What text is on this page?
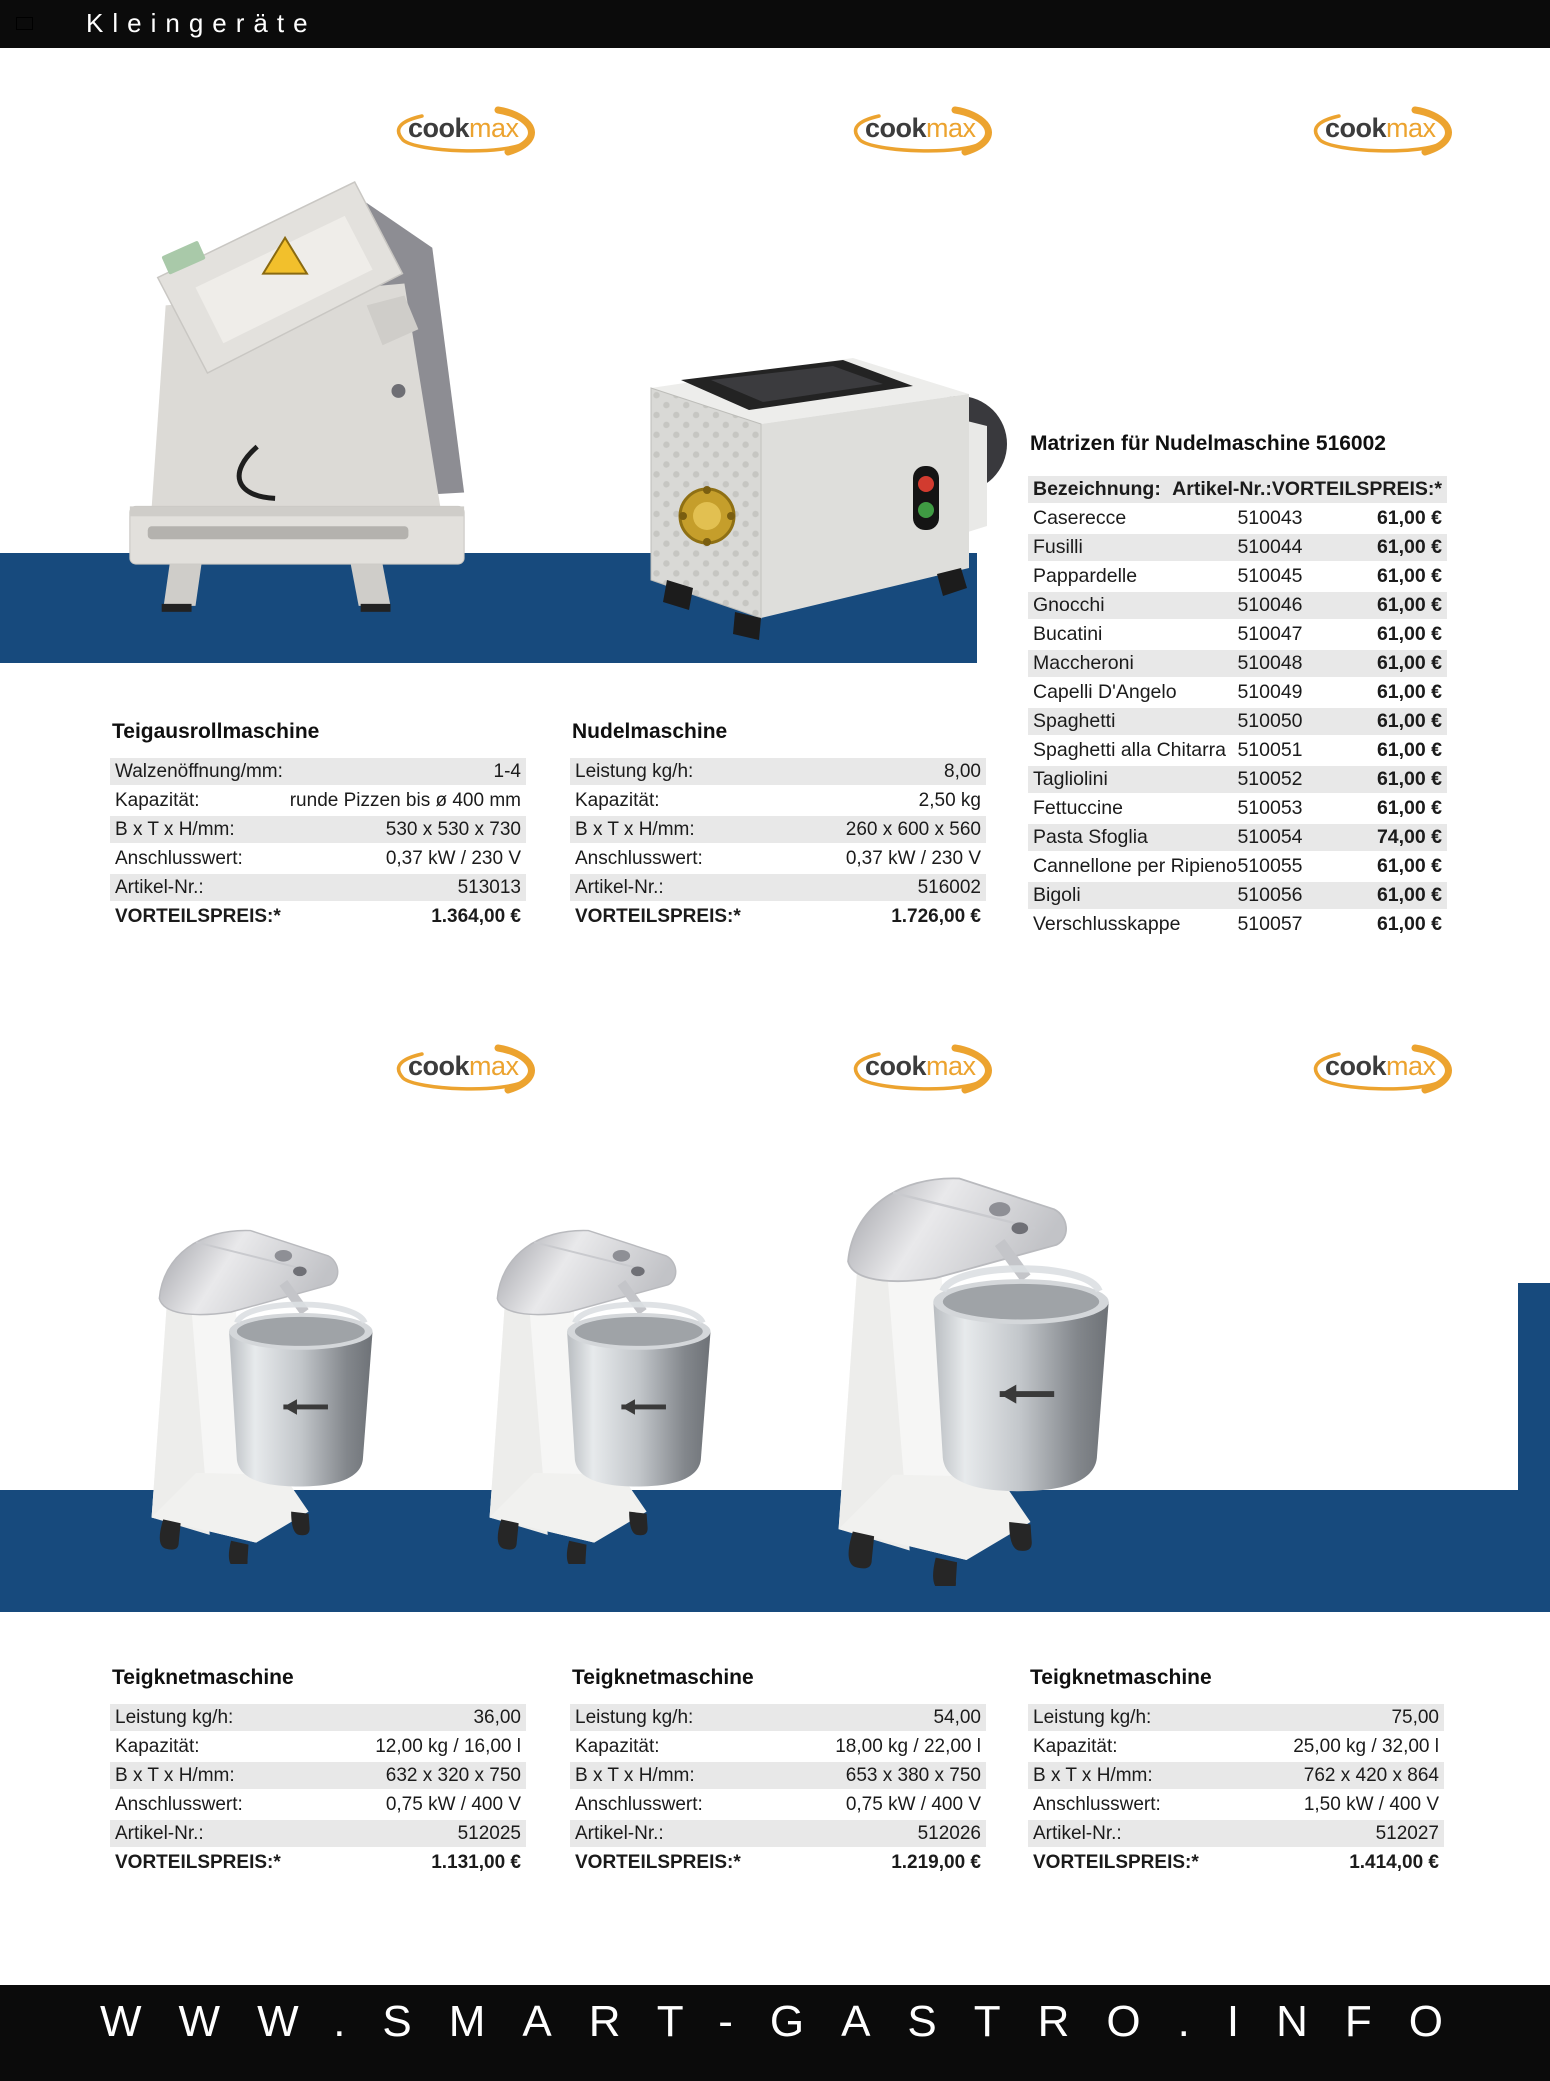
Kleingeräte
cookmax°	cookmax°	cookmax°
cookmax°	cookmax°	cookmax°
Matrizen für Nudelmaschine 516002
Bezeichnung: Artikel-Nr.: VORTEILSPREIS:*
Caserecce	510043	61,00 €
Fusilli	510044	61,00 €
Pappardelle	510045	61,00 €
Gnocchi	510046	61,00 €
Bucatini	510047	61,00 €
Maccheroni	510048	61,00 €
Capelli D'Angelo	510049	61,00 €
Spaghetti	510050	61,00 €
Spaghetti alla Chitarra 510051	61,00 €
Tagliolini	510052	61,00 €
Fettuccine	510053	61,00 €
Pasta Sfoglia	510054	74,00 €
Cannellone per Ripieno 510055	61,00 €
Bigoli	510056	61,00 €
Verschlusskappe	510057	61,00 €
Teigausrollmaschine
Walzenöffnung/mm:	1-4
Kapazität:	runde Pizzen bis ø 400 mm
B x T x H/mm:	530 x 530 x 730
Anschlusswert:	0,37 kW / 230 V
Artikel-Nr.:	513013
VORTEILSPREIS:*	1.364,00 €
Nudelmaschine
Leistung kg/h:	8,00
Kapazität:	2,50 kg
B x T x H/mm:	260 x 600 x 560
Anschlusswert:	0,37 kW / 230 V
Artikel-Nr.:	516002
VORTEILSPREIS:*	1.726,00 €
Teigknetmaschine
Leistung kg/h:	36,00
Kapazität:	12,00 kg / 16,00 l
B x T x H/mm:	632 x 320 x 750
Anschlusswert:	0,75 kW / 400 V
Artikel-Nr.:	512025
VORTEILSPREIS:*	1.131,00 €
Teigknetmaschine
Leistung kg/h:	54,00
Kapazität:	18,00 kg / 22,00 l
B x T x H/mm:	653 x 380 x 750
Anschlusswert:	0,75 kW / 400 V
Artikel-Nr.:	512026
VORTEILSPREIS:*	1.219,00 €
Teigknetmaschine
Leistung kg/h:	75,00
Kapazität:	25,00 kg / 32,00 l
B x T x H/mm:	762 x 420 x 864
Anschlusswert:	1,50 kW / 400 V
Artikel-Nr.:	512027
VORTEILSPREIS:*	1.414,00 €
WWW.SMART-GASTRO.INFO
